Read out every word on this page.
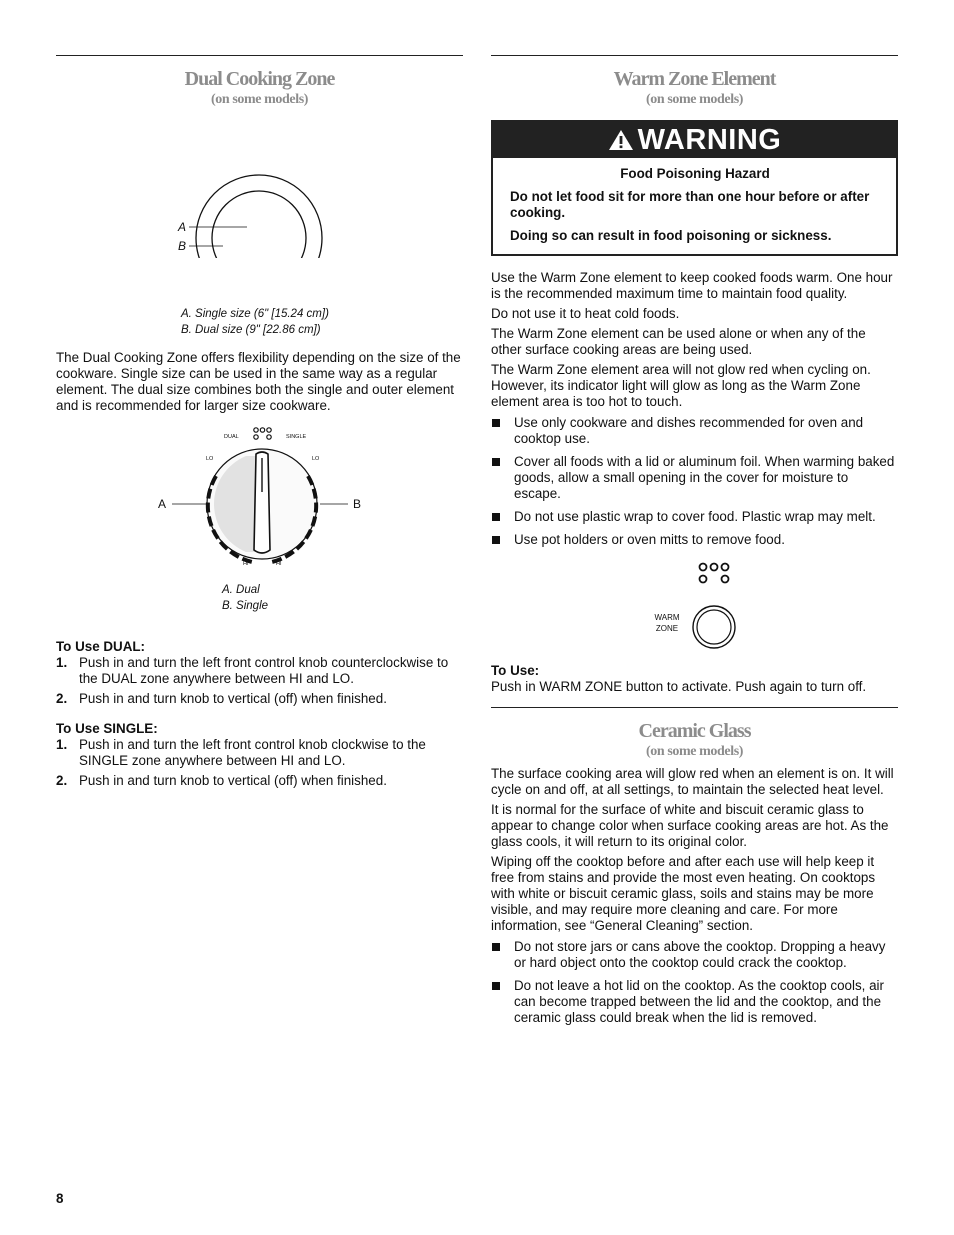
Dual Cooking Zone
(on some models)
A
B
A. Single size (6" [15.24 cm])
B. Dual size (9" [22.86 cm])

The Dual Cooking Zone offers flexibility depending on the size of the cookware. Single size can be used in the same way as a regular element. The dual size combines both the single and outer element and is recommended for larger size cookware.

DUAL	SINGLE
LO	LO
HI	HI
A	B
A. Dual
B. Single
To Use DUAL:
1. Push in and turn the left front control knob counterclockwise to the DUAL zone anywhere between HI and LO.
2. Push in and turn knob to vertical (off) when finished.
To Use SINGLE:
1. Push in and turn the left front control knob clockwise to the SINGLE zone anywhere between HI and LO.
2. Push in and turn knob to vertical (off) when finished.
Warm Zone Element
(on some models)
WARNING

Food Poisoning Hazard

Do not let food sit for more than one hour before or after cooking.

Doing so can result in food poisoning or sickness.

Use the Warm Zone element to keep cooked foods warm. One hour is the recommended maximum time to maintain food quality.

Do not use it to heat cold foods.

The Warm Zone element can be used alone or when any of the other surface cooking areas are being used.

The Warm Zone element area will not glow red when cycling on. However, its indicator light will glow as long as the Warm Zone element area is too hot to touch.

Use only cookware and dishes recommended for oven and cooktop use.
Cover all foods with a lid or aluminum foil. When warming baked goods, allow a small opening in the cover for moisture to escape.
Do not use plastic wrap to cover food. Plastic wrap may melt.
Use pot holders or oven mitts to remove food.
WARM
ZONE
To Use:

Push in WARM ZONE button to activate. Push again to turn off.

Ceramic Glass
(on some models)

The surface cooking area will glow red when an element is on. It will cycle on and off, at all settings, to maintain the selected heat level.

It is normal for the surface of white and biscuit ceramic glass to appear to change color when surface cooking areas are hot. As the glass cools, it will return to its original color.

Wiping off the cooktop before and after each use will help keep it free from stains and provide the most even heating. On cooktops with white or biscuit ceramic glass, soils and stains may be more visible, and may require more cleaning and care. For more information, see “General Cleaning” section.

Do not store jars or cans above the cooktop. Dropping a heavy or hard object onto the cooktop could crack the cooktop.
Do not leave a hot lid on the cooktop. As the cooktop cools, air can become trapped between the lid and the cooktop, and the ceramic glass could break when the lid is removed.
8
